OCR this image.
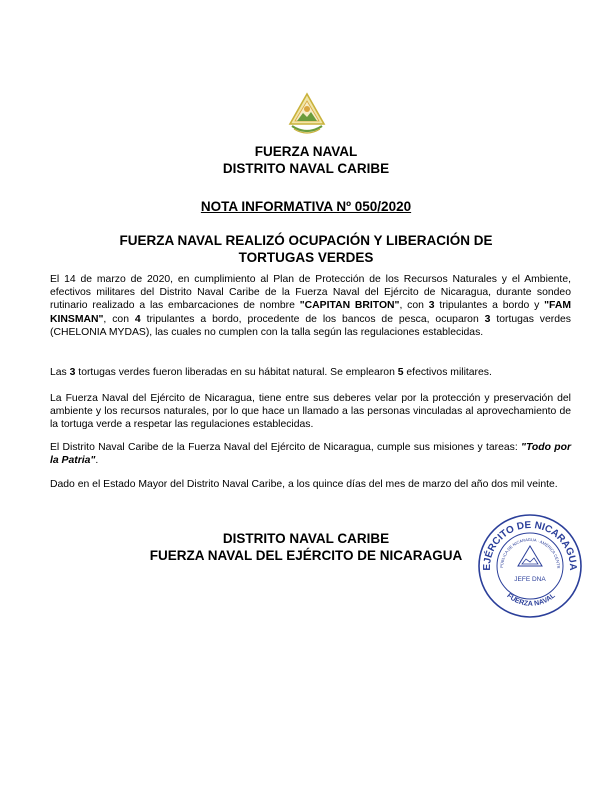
FUERZA NAVAL
DISTRITO NAVAL CARIBE
NOTA INFORMATIVA Nº 050/2020
FUERZA NAVAL REALIZÓ OCUPACIÓN Y LIBERACIÓN DE
TORTUGAS VERDES

El 14 de marzo de 2020, en cumplimiento al Plan de Protección de los Recursos Naturales y el Ambiente, efectivos militares del Distrito Naval Caribe de la Fuerza Naval del Ejército de Nicaragua, durante sondeo rutinario realizado a las embarcaciones de nombre "CAPITAN BRITON", con 3 tripulantes a bordo y "FAM KINSMAN", con 4 tripulantes a bordo, procedente de los bancos de pesca, ocuparon 3 tortugas verdes (CHELONIA MYDAS), las cuales no cumplen con la talla según las regulaciones establecidas.

Las 3 tortugas verdes fueron liberadas en su hábitat natural. Se emplearon 5 efectivos militares.

La Fuerza Naval del Ejército de Nicaragua, tiene entre sus deberes velar por la protección y preservación del ambiente y los recursos naturales, por lo que hace un llamado a las personas vinculadas al aprovechamiento de la tortuga verde a respetar las regulaciones establecidas.

El Distrito Naval Caribe de la Fuerza Naval del Ejército de Nicaragua, cumple sus misiones y tareas: "Todo por la Patria".

Dado en el Estado Mayor del Distrito Naval Caribe, a los quince días del mes de marzo del año dos mil veinte.

DISTRITO NAVAL CARIBE
FUERZA NAVAL DEL EJÉRCITO DE NICARAGUA
EJÉRCITO DE NICARAGUA
PÚBLICA DE NICARAGUA · AMÉRICA CENTR
JEFE DNA
FUERZA NAVAL
